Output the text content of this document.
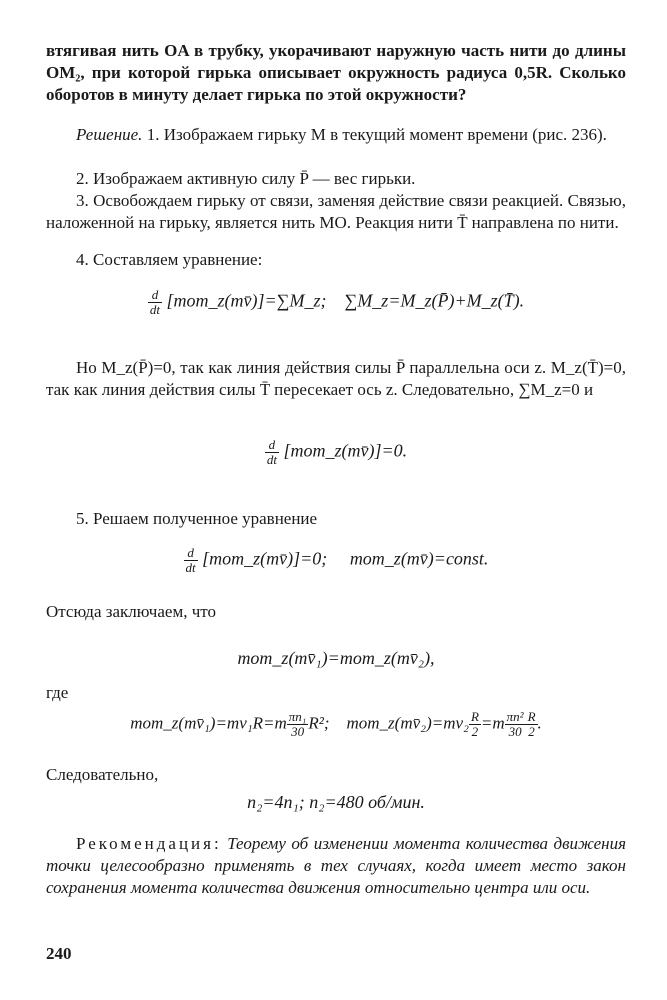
втягивая нить OA в трубку, укорачивают наружную часть нити до длины OM₂, при которой гирька описывает окружность радиуса 0,5R. Сколько оборотов в минуту делает гирька по этой окружности?
Решение. 1. Изображаем гирьку M в текущий момент времени (рис. 236).
2. Изображаем активную силу P̄ — вес гирьки.
3. Освобождаем гирьку от связи, заменяя действие связи реакцией. Связью, наложенной на гирьку, является нить MO. Реакция нити T̄ направлена по нити.
4. Составляем уравнение:
$\frac{d}{dt}$ [mom_z(mv̄)]=∑M_z; ∑M_z=M_z(P̄)+M_z(T̄).
Но M_z(P̄)=0, так как линия действия силы P̄ параллельна оси z. M_z(T̄)=0, так как линия действия силы T̄ пересекает ось z. Следовательно, ∑M_z=0 и
$\frac{d}{dt}$ [mom_z(mv̄)]=0.
5. Решаем полученное уравнение
$\frac{d}{dt}$ [mom_z(mv̄)]=0; mom_z(mv̄)=const.
Отсюда заключаем, что
mom_z(mv̄₁)=mom_z(mv̄₂),
где
mom_z(mv̄₁)=mv₁R=m $\frac{\text{πn₁}}{30} R^2$; mom_z(mv̄₂)=mv₂ $\frac{R}{2} =m \frac{\text{πn²}}{30} \frac{R}{2}$ .
Следовательно,
n₂=4n₁; n₂=480 об/мин.
Рекомендация: Теорему об изменении момента количества движения точки целесообразно применять в тех случаях, когда имеет место закон сохранения момента количества движения относительно центра или оси.
240
